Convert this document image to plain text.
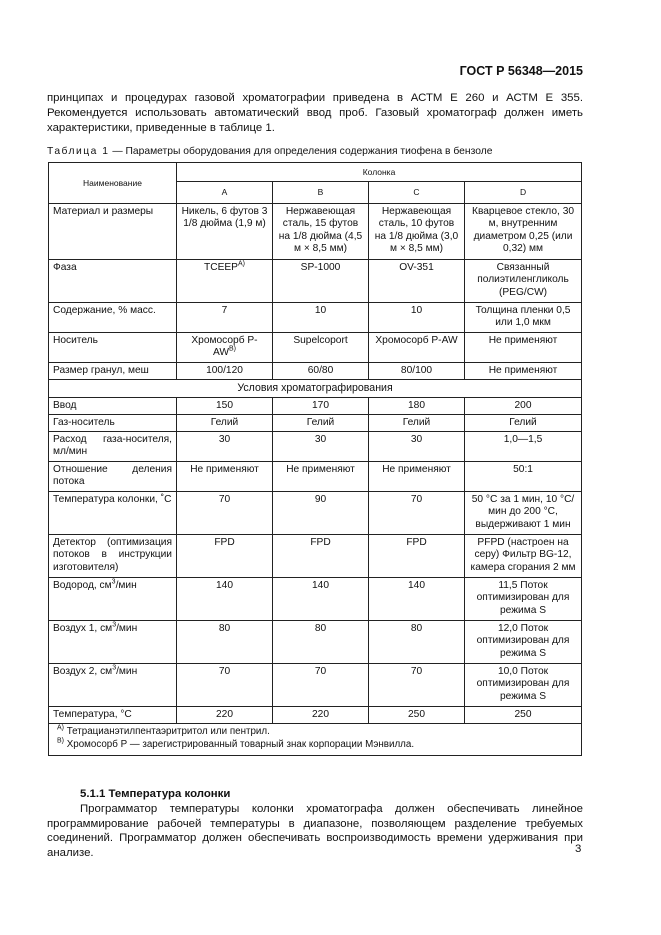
ГОСТ Р 56348—2015
принципах и процедурах газовой хроматографии приведена в АСТМ Е 260 и АСТМ Е 355. Рекомендуется использовать автоматический ввод проб. Газовый хроматограф должен иметь характеристики, приведенные в таблице 1.
Таблица 1 — Параметры оборудования для определения содержания тиофена в бензоле
Наименование	Колонка			
	A	B	C	D
Материал и размеры	Никель, 6 футов 3 1/8 дюйма (1,9 м)	Нержавеющая сталь, 15 футов на 1/8 дюйма (4,5 м × 8,5 мм)	Нержавеющая сталь, 10 футов на 1/8 дюйма (3,0 м × 8,5 мм)	Кварцевое стекло, 30 м, внутренним диаметром 0,25 (или 0,32) мм
Фаза	$TCEEP^{A)}$	SP-1000	OV-351	Связанный полиэтиленгликоль (PEG/CW)
Содержание, % масс.	7	10	10	Толщина пленки 0,5 или 1,0 мкм
Носитель	Хромосорб $P-AW^{B)}$	Supelcoport	Хромосорб P-AW	Не применяют
Размер гранул, меш	100/120	60/80	80/100	Не применяют
Условия хроматографирования				
Ввод	150	170	180	200
Газ-носитель	Гелий	Гелий	Гелий	Гелий
Расход газа-носителя, мл/мин	30	30	30	1,0—1,5
Отношение деления потока	Не применяют	Не применяют	Не применяют	50:1
Температура колонки, ˚С	70	90	70	50 °С за 1 мин, 10 °С/мин до 200 °С, выдерживают 1 мин
Детектор (оптимизация потоков в инструкции изготовителя)	FPD	FPD	FPD	PFPD (настроен на серу) Фильтр BG-12, камера сгорания 2 мм
Водород, $см^3$/мин	140	140	140	11,5 Поток оптимизирован для режима S
Воздух 1, $см^3$/мин	80	80	80	12,0 Поток оптимизирован для режима S
Воздух 2, $см^3$/мин	70	70	70	10,0 Поток оптимизирован для режима S
Температура, °С	220	220	250	250

$^{A)}$ Тетрацианэтилпентаэритритол или пентрил.
$^{B)}$ Хромосорб Р — зарегистрированный товарный знак корпорации Мэнвилла.				
5.1.1 Температура колонки
Программатор температуры колонки хроматографа должен обеспечивать линейное программирование рабочей температуры в диапазоне, позволяющем разделение требуемых соединений. Программатор должен обеспечивать воспроизводимость времени удерживания при анализе.	3
